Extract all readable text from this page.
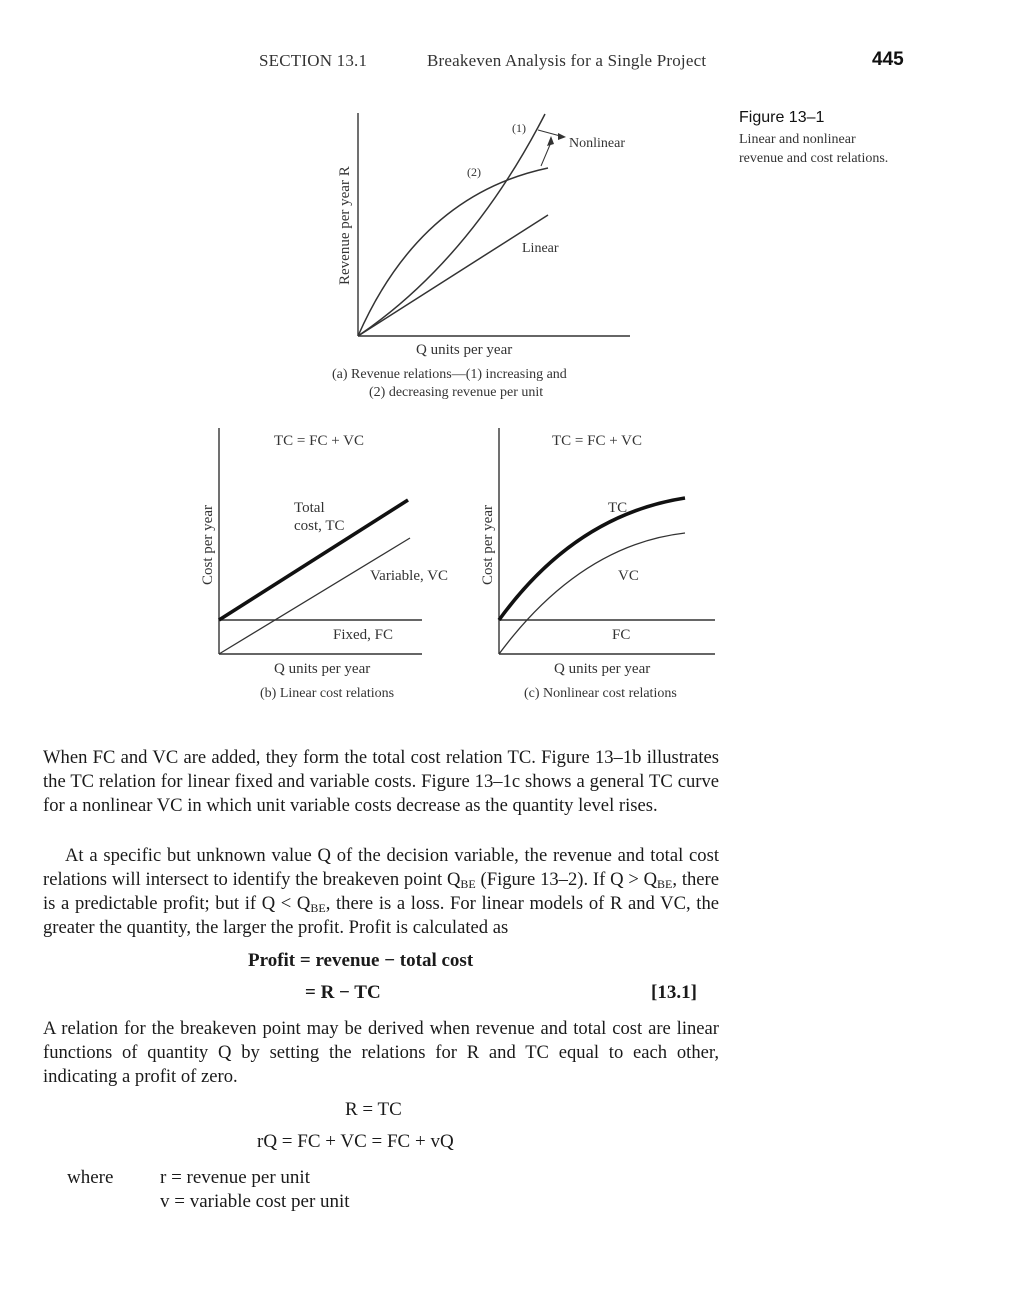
SECTION 13.1	Breakeven Analysis for a Single Project	445
Figure 13–1
Linear and nonlinear revenue and cost relations.
(1)
(2)
Nonlinear
Linear
Revenue per year R
Q units per year
(a) Revenue relations—(1) increasing and
(2) decreasing revenue per unit
TC = FC + VC
Total
cost, TC
Variable, VC
Fixed, FC
Cost per year
Q units per year
(b) Linear cost relations
TC = FC + VC
TC
VC
FC
Cost per year
Q units per year
(c) Nonlinear cost relations

When FC and VC are added, they form the total cost relation TC. Figure 13–1b illustrates the TC relation for linear fixed and variable costs. Figure 13–1c shows a general TC curve for a nonlinear VC in which unit variable costs decrease as the quantity level rises.

At a specific but unknown value Q of the decision variable, the revenue and total cost relations will intersect to identify the breakeven point $Q_{BE}$ (Figure 13–2). If $Q > Q_{BE}$, there is a predictable profit; but if $Q < Q_{BE}$, there is a loss. For linear models of R and VC, the greater the quantity, the larger the profit. Profit is calculated as

Profit = revenue − total cost
= R − TC	[13.1]

A relation for the breakeven point may be derived when revenue and total cost are linear functions of quantity Q by setting the relations for R and TC equal to each other, indicating a profit of zero.

R = TC
rQ = FC + VC = FC + vQ
where r = revenue per unit
v = variable cost per unit
